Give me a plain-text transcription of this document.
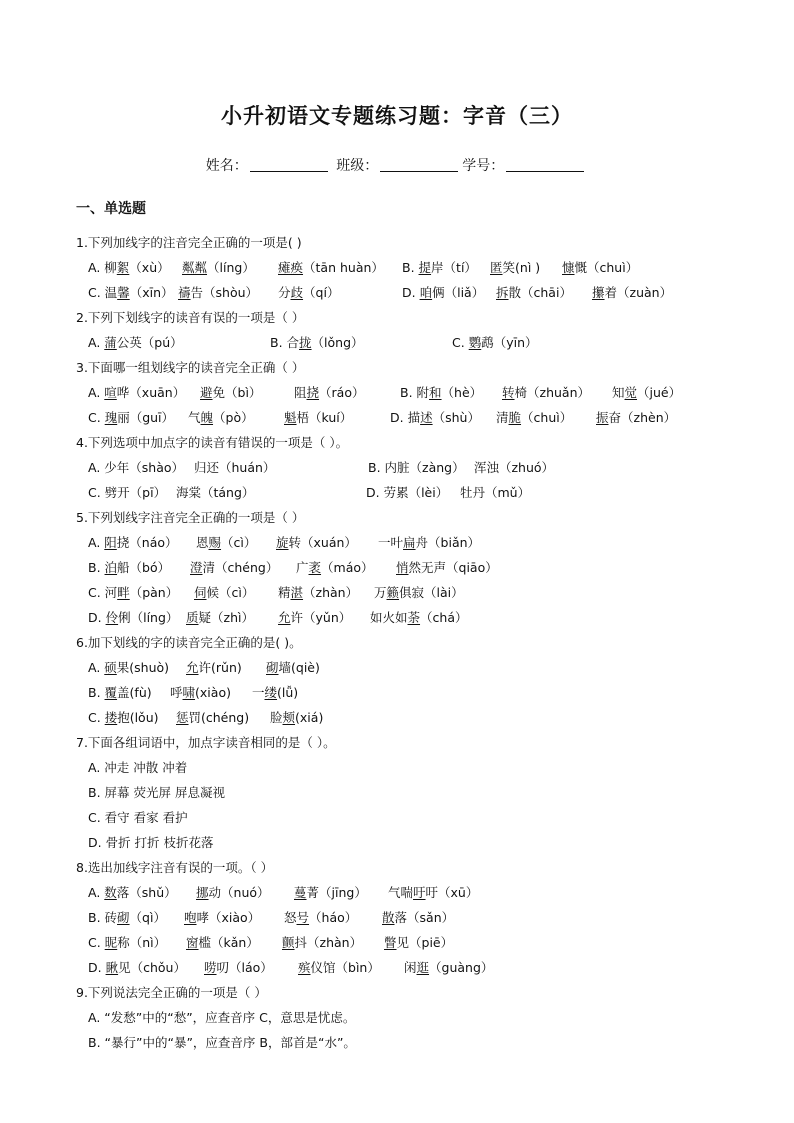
小升初语文专题练习题：字音（三）
姓名：	班级：	学号：
一、单选题
1.下列加线字的注音完全正确的一项是( )
A. 柳絮（xù） 粼粼（líng） 瘫痪（tān huàn） B. 提岸（tí） 匿笑(nì ) 慷慨（chuì）
C. 温馨（xīn） 禱告（shòu） 分歧（qí）	D. 咱俩（liǎ） 拆散（chāi） 攥着（zuàn）
2.下列下划线字的读音有误的一项是（ ）
A. 蒲公英（pú）	B. 合拢（lǒng）	C. 鹦鹉（yīn）
3.下面哪一组划线字的读音完全正确（ ）
A. 喧哗（xuān） 避免（bì）	阻挠（ráo）	B. 附和（hè） 转椅（zhuǎn） 知觉（jué）
C. 瑰丽（guī） 气魄（pò） 魁梧（kuí）	D. 描述（shù） 清脆（chuì） 振奋（zhèn）
4.下列选项中加点字的读音有错误的一项是（ ）。
A. 少年（shào） 归还（huán）	B. 内脏（zàng） 浑浊（zhuó）
C. 劈开（pī） 海棠（táng）	D. 劳累（lèi） 牡丹（mǔ）
5.下列划线字注音完全正确的一项是（ ）
A. 阳挠（náo） 恩赐（cì） 旋转（xuán） 一叶扁舟（biǎn）
B. 泊船（bó） 澄清（chéng） 广袤（máo） 悄然无声（qiāo）
C. 河畔（pàn） 伺候（cì） 精湛（zhàn） 万籁俱寂（lài）
D. 伶俐（líng） 质疑（zhì） 允许（yǔn） 如火如荼（chá）
6.加下划线的字的读音完全正确的是( )。
A. 硕果(shuò) 允许(rǔn) 砌墙(qiè)
B. 覆盖(fù) 呼啸(xiào) 一缕(lǚ)
C. 搂抱(lǒu) 惩罚(chéng) 脸颊(xiá)
7.下面各组词语中，加点字读音相同的是（ ）。
A. 冲走 冲散 冲着
B. 屏幕 荧光屏 屏息凝视
C. 看守 看家 看护
D. 骨折 打折 枝折花落
8.选出加线字注音有误的一项。（ ）
A. 数落（shǔ） 挪动（nuó） 蔓菁（jīng） 气喘吁吁（xū）
B. 砖砌（qì） 咆哮（xiào） 怒号（háo） 散落（sǎn）
C. 昵称（nì） 窗槛（kǎn） 颤抖（zhàn） 瞥见（piē）
D. 瞅见（chǒu） 唠叨（láo） 殡仪馆（bìn） 闲逛（guàng）
9.下列说法完全正确的一项是（ ）
A. “发愁”中的“愁”，应查音序 C，意思是忧虑。
B. “暴行”中的“暴”，应查音序 B，部首是“水”。
